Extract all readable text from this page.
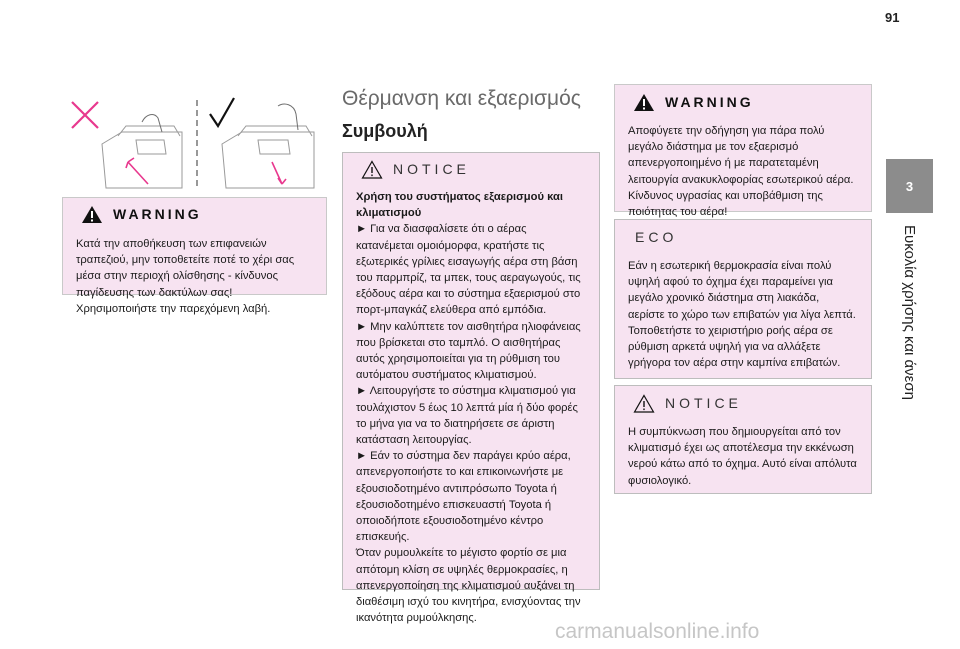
91
3
Ευκολία χρήσης και άνεση
WARNING

Κατά την αποθήκευση των επιφανειών τραπεζιού, μην τοποθετείτε ποτέ το χέρι σας μέσα στην περιοχή ολίσθησης - κίνδυνος παγίδευσης των δακτύλων σας! Χρησιμοποιήστε την παρεχόμενη λαβή.

Θέρμανση και εξαερισμός
Συμβουλή
NOTICE

Χρήση του συστήματος εξαερισμού και κλιματισμού

► Για να διασφαλίσετε ότι ο αέρας κατανέμεται ομοιόμορφα, κρατήστε τις εξωτερικές γρίλιες εισαγωγής αέρα στη βάση του παρμπρίζ, τα μπεκ, τους αεραγωγούς, τις εξόδους αέρα και το σύστημα εξαερισμού στο πορτ-μπαγκάζ ελεύθερα από εμπόδια.

► Μην καλύπτετε τον αισθητήρα ηλιοφάνειας που βρίσκεται στο ταμπλό. Ο αισθητήρας αυτός χρησιμοποιείται για τη ρύθμιση του αυτόματου συστήματος κλιματισμού.

► Λειτουργήστε το σύστημα κλιματισμού για τουλάχιστον 5 έως 10 λεπτά μία ή δύο φορές το μήνα για να το διατηρήσετε σε άριστη κατάσταση λειτουργίας.

► Εάν το σύστημα δεν παράγει κρύο αέρα, απενεργοποιήστε το και επικοινωνήστε με εξουσιοδοτημένο αντιπρόσωπο Toyota ή εξουσιοδοτημένο επισκευαστή Toyota ή οποιοδήποτε εξουσιοδοτημένο κέντρο επισκευής.

Όταν ρυμουλκείτε το μέγιστο φορτίο σε μια απότομη κλίση σε υψηλές θερμοκρασίες, η απενεργοποίηση της κλιματισμού αυξάνει τη διαθέσιμη ισχύ του κινητήρα, ενισχύοντας την ικανότητα ρυμούλκησης.

WARNING

Αποφύγετε την οδήγηση για πάρα πολύ μεγάλο διάστημα με τον εξαερισμό απενεργοποιημένο ή με παρατεταμένη λειτουργία ανακυκλοφορίας εσωτερικού αέρα. Κίνδυνος υγρασίας και υποβάθμιση της ποιότητας του αέρα!

ECO

Εάν η εσωτερική θερμοκρασία είναι πολύ υψηλή αφού το όχημα έχει παραμείνει για μεγάλο χρονικό διάστημα στη λιακάδα, αερίστε το χώρο των επιβατών για λίγα λεπτά.

Τοποθετήστε το χειριστήριο ροής αέρα σε ρύθμιση αρκετά υψηλή για να αλλάξετε γρήγορα τον αέρα στην καμπίνα επιβατών.

NOTICE

Η συμπύκνωση που δημιουργείται από τον κλιματισμό έχει ως αποτέλεσμα την εκκένωση νερού κάτω από το όχημα. Αυτό είναι απόλυτα φυσιολογικό.

carmanualsonline.info
